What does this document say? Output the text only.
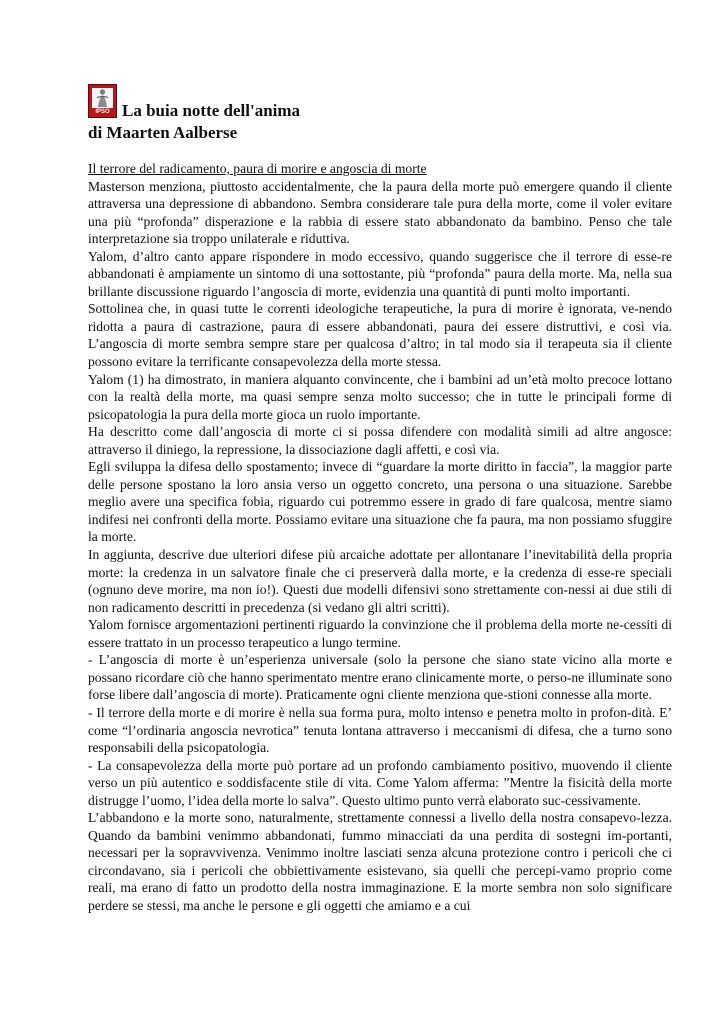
IPSO La buia notte dell'anima
di Maarten Aalberse

Il terrore del radicamento, paura di morire e angoscia di morte

Masterson menziona, piuttosto accidentalmente, che la paura della morte può emergere quando il cliente attraversa una depressione di abbandono. Sembra considerare tale pura della morte, come il voler evitare una più “profonda” disperazione e la rabbia di essere stato abbandonato da bambino. Penso che tale interpretazione sia troppo unilaterale e riduttiva.

Yalom, d’altro canto appare rispondere in modo eccessivo, quando suggerisce che il terrore di esse-re abbandonati è ampiamente un sintomo di una sottostante, più “profonda” paura della morte. Ma, nella sua brillante discussione riguardo l’angoscia di morte, evidenzia una quantità di punti molto importanti.

Sottolinea che, in quasi tutte le correnti ideologiche terapeutiche, la pura di morire è ignorata, ve-nendo ridotta a paura di castrazione, paura di essere abbandonati, paura dei essere distruttivi, e così via. L’angoscia di morte sembra sempre stare per qualcosa d’altro; in tal modo sia il terapeuta sia il cliente possono evitare la terrificante consapevolezza della morte stessa.

Yalom (1) ha dimostrato, in maniera alquanto convincente, che i bambini ad un’età molto precoce lottano con la realtà della morte, ma quasi sempre senza molto successo; che in tutte le principali forme di psicopatologia la pura della morte gioca un ruolo importante.

Ha descritto come dall’angoscia di morte ci si possa difendere con modalità simili ad altre angosce: attraverso il diniego, la repressione, la dissociazione dagli affetti, e così via.

Egli sviluppa la difesa dello spostamento; invece di “guardare la morte diritto in faccia”, la maggior parte delle persone spostano la loro ansia verso un oggetto concreto, una persona o una situazione. Sarebbe meglio avere una specifica fobia, riguardo cui potremmo essere in grado di fare qualcosa, mentre siamo indifesi nei confronti della morte. Possiamo evitare una situazione che fa paura, ma non possiamo sfuggire la morte.

In aggiunta, descrive due ulteriori difese più arcaiche adottate per allontanare l’inevitabilità della propria morte: la credenza in un salvatore finale che ci preserverà dalla morte, e la credenza di esse-re speciali (ognuno deve morire, ma non io!). Questi due modelli difensivi sono strettamente con-nessi ai due stili di non radicamento descritti in precedenza (si vedano gli altri scritti).

Yalom fornisce argomentazioni pertinenti riguardo la convinzione che il problema della morte ne-cessiti di essere trattato in un processo terapeutico a lungo termine.

- L’angoscia di morte è un’esperienza universale (solo la persone che siano state vicino alla morte e possano ricordare ciò che hanno sperimentato mentre erano clinicamente morte, o perso-ne illuminate sono forse libere dall’angoscia di morte). Praticamente ogni cliente menziona que-stioni connesse alla morte.

- Il terrore della morte e di morire è nella sua forma pura, molto intenso e penetra molto in profon-dità. E’ come “l’ordinaria angoscia nevrotica” tenuta lontana attraverso i meccanismi di difesa, che a turno sono responsabili della psicopatologia.

- La consapevolezza della morte può portare ad un profondo cambiamento positivo, muovendo il cliente verso un più autentico e soddisfacente stile di vita. Come Yalom afferma: ”Mentre la fisicità della morte distrugge l’uomo, l’idea della morte lo salva”. Questo ultimo punto verrà elaborato suc-cessivamente.

L’abbandono e la morte sono, naturalmente, strettamente connessi a livello della nostra consapevo-lezza. Quando da bambini venimmo abbandonati, fummo minacciati da una perdita di sostegni im-portanti, necessari per la sopravvivenza. Venimmo inoltre lasciati senza alcuna protezione contro i pericoli che ci circondavano, sia i pericoli che obbiettivamente esistevano, sia quelli che percepi-vamo proprio come reali, ma erano di fatto un prodotto della nostra immaginazione. E la morte sembra non solo significare perdere se stessi, ma anche le persone e gli oggetti che amiamo e a cui
